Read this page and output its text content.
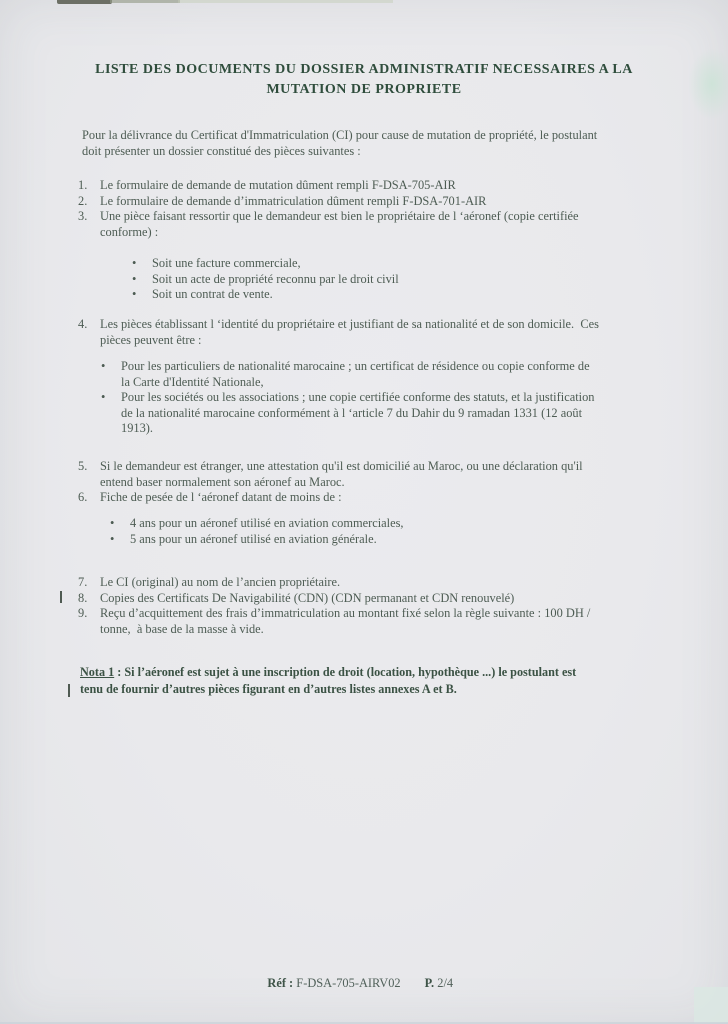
LISTE DES DOCUMENTS DU DOSSIER ADMINISTRATIF NECESSAIRES A LA
MUTATION DE PROPRIETE
Pour la délivrance du Certificat d'Immatriculation (CI) pour cause de mutation de propriété, le postulant
doit présenter un dossier constitué des pièces suivantes :
1.	Le formulaire de demande de mutation dûment rempli F-DSA-705-AIR
2.	Le formulaire de demande d’immatriculation dûment rempli F-DSA-701-AIR
3.	Une pièce faisant ressortir que le demandeur est bien le propriétaire de l ‘aéronef (copie certifiée
conforme) :
•	Soit une facture commerciale,
•	Soit un acte de propriété reconnu par le droit civil
•	Soit un contrat de vente.
4.	Les pièces établissant l ‘identité du propriétaire et justifiant de sa nationalité et de son domicile.  Ces
pièces peuvent être :
•	Pour les particuliers de nationalité marocaine ; un certificat de résidence ou copie conforme de
la Carte d'Identité Nationale,
•	Pour les sociétés ou les associations ; une copie certifiée conforme des statuts, et la justification
de la nationalité marocaine conformément à l ‘article 7 du Dahir du 9 ramadan 1331 (12 août
1913).
5.	Si le demandeur est étranger, une attestation qu'il est domicilié au Maroc, ou une déclaration qu'il
entend baser normalement son aéronef au Maroc.
6.	Fiche de pesée de l ‘aéronef datant de moins de :
•	4 ans pour un aéronef utilisé en aviation commerciales,
•	5 ans pour un aéronef utilisé en aviation générale.
7.	Le CI (original) au nom de l’ancien propriétaire.
8.	Copies des Certificats De Navigabilité (CDN) (CDN permanant et CDN renouvelé)
9.	Reçu d’acquittement des frais d’immatriculation au montant fixé selon la règle suivante : 100 DH /
tonne,  à base de la masse à vide.
Nota 1 : Si l’aéronef est sujet à une inscription de droit (location, hypothèque ...) le postulant est
tenu de fournir d’autres pièces figurant en d’autres listes annexes A et B.

Réf : F-DSA-705-AIRV02 P. 2/4
